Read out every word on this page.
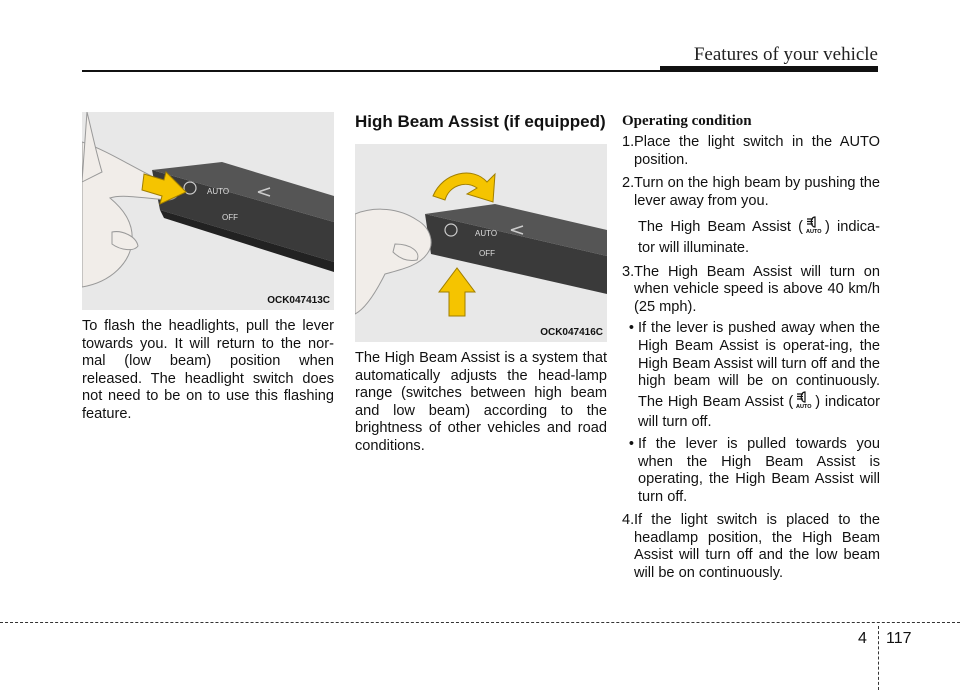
Features of your vehicle
AUTO
OFF
OCK047413C

To flash the headlights, pull the lever towards you. It will return to the nor-mal (low beam) position when released. The headlight switch does not need to be on to use this flashing feature.

High Beam Assist (if equipped)
AUTO
OFF
OCK047416C

The High Beam Assist is a system that automatically adjusts the head-lamp range (switches between high beam and low beam) according to the brightness of other vehicles and road conditions.

Operating condition
1. Place the light switch in the AUTO position.
2. Turn on the high beam by pushing the lever away from you.
The High Beam Assist ( AUTO ) indica-tor will illuminate.
3. The High Beam Assist will turn on when vehicle speed is above 40 km/h (25 mph).
• If the lever is pushed away when the High Beam Assist is operat-ing, the High Beam Assist will turn off and the high beam will be on continuously. The High Beam Assist ( AUTO ) indicator will turn off.
• If the lever is pulled towards you when the High Beam Assist is operating, the High Beam Assist will turn off.
4. If the light switch is placed to the headlamp position, the High Beam Assist will turn off and the low beam will be on continuously.
4 117
